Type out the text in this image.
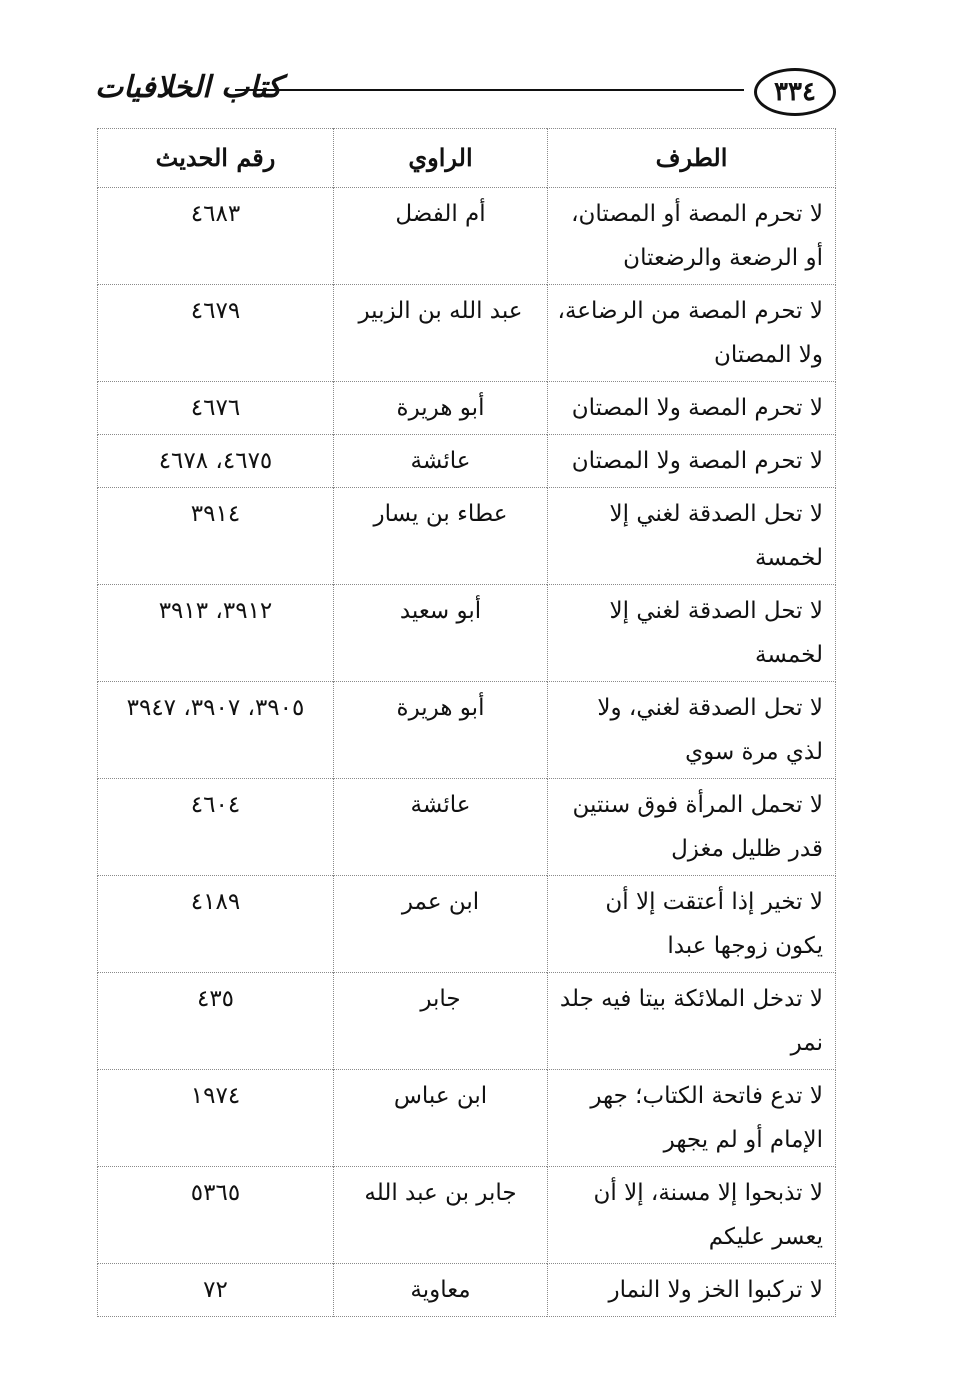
٣٣٤
كتاب الخلافيات
الطرف	الراوي	رقم الحديث
لا تحرم المصة أو المصتان، أو الرضعة والرضعتان	أم الفضل	٤٦٨٣
لا تحرم المصة من الرضاعة، ولا المصتان	عبد الله بن الزبير	٤٦٧٩
لا تحرم المصة ولا المصتان	أبو هريرة	٤٦٧٦
لا تحرم المصة ولا المصتان	عائشة	٤٦٧٥، ٤٦٧٨
لا تحل الصدقة لغني إلا لخمسة	عطاء بن يسار	٣٩١٤
لا تحل الصدقة لغني إلا لخمسة	أبو سعيد	٣٩١٢، ٣٩١٣
لا تحل الصدقة لغني، ولا لذي مرة سوي	أبو هريرة	٣٩٠٥، ٣٩٠٧، ٣٩٤٧
لا تحمل المرأة فوق سنتين قدر ظليل مغزل	عائشة	٤٦٠٤
لا تخير إذا أعتقت إلا أن يكون زوجها عبدا	ابن عمر	٤١٨٩
لا تدخل الملائكة بيتا فيه جلد نمر	جابر	٤٣٥
لا تدع فاتحة الكتاب؛ جهر الإمام أو لم يجهر	ابن عباس	١٩٧٤
لا تذبحوا إلا مسنة، إلا أن يعسر عليكم	جابر بن عبد الله	٥٣٦٥
لا تركبوا الخز ولا النمار	معاوية	٧٢
